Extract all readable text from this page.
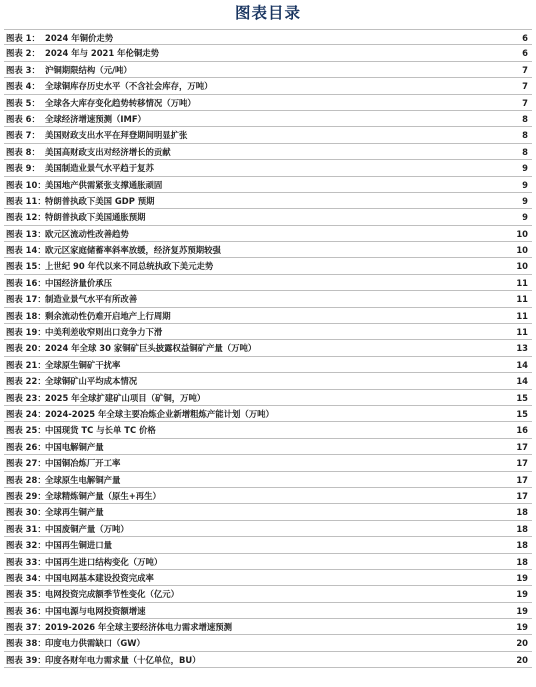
图表目录
图表 1： 2024 年铜价走势	6
图表 2： 2024 年与 2021 年伦铜走势	6
图表 3： 沪铜期限结构（元/吨）	7
图表 4： 全球铜库存历史水平（不含社会库存，万吨）	7
图表 5： 全球各大库存变化趋势转移情况（万吨）	7
图表 6： 全球经济增速预测（IMF）	8
图表 7： 美国财政支出水平在拜登期间明显扩张	8
图表 8： 美国高财政支出对经济增长的贡献	8
图表 9： 美国制造业景气水平趋于复苏	9
图表 10： 美国地产供需紧张支撑通胀顽固	9
图表 11： 特朗普执政下美国 GDP 预期	9
图表 12： 特朗普执政下美国通胀预期	9
图表 13： 欧元区流动性改善趋势	10
图表 14： 欧元区家庭储蓄率斜率放缓，经济复苏预期较强	10
图表 15： 上世纪 90 年代以来不同总统执政下美元走势	10
图表 16： 中国经济量价承压	11
图表 17： 制造业景气水平有所改善	11
图表 18： 剩余流动性仍难开启地产上行周期	11
图表 19： 中美利差收窄则出口竞争力下滑	11
图表 20： 2024 年全球 30 家铜矿巨头披露权益铜矿产量（万吨）	13
图表 21： 全球原生铜矿干扰率	14
图表 22： 全球铜矿山平均成本情况	14
图表 23： 2025 年全球扩建矿山项目（矿铜，万吨）	15
图表 24： 2024-2025 年全球主要冶炼企业新增粗炼产能计划（万吨）	15
图表 25： 中国现货 TC 与长单 TC 价格	16
图表 26： 中国电解铜产量	17
图表 27： 中国铜冶炼厂开工率	17
图表 28： 全球原生电解铜产量	17
图表 29： 全球精炼铜产量（原生+再生）	17
图表 30： 全球再生铜产量	18
图表 31： 中国废铜产量（万吨）	18
图表 32： 中国再生铜进口量	18
图表 33： 中国再生进口结构变化（万吨）	18
图表 34： 中国电网基本建设投资完成率	19
图表 35： 电网投资完成额季节性变化（亿元）	19
图表 36： 中国电源与电网投资额增速	19
图表 37： 2019-2026 年全球主要经济体电力需求增速预测	19
图表 38： 印度电力供需缺口（GW）	20
图表 39： 印度各财年电力需求量（十亿单位，BU）	20
